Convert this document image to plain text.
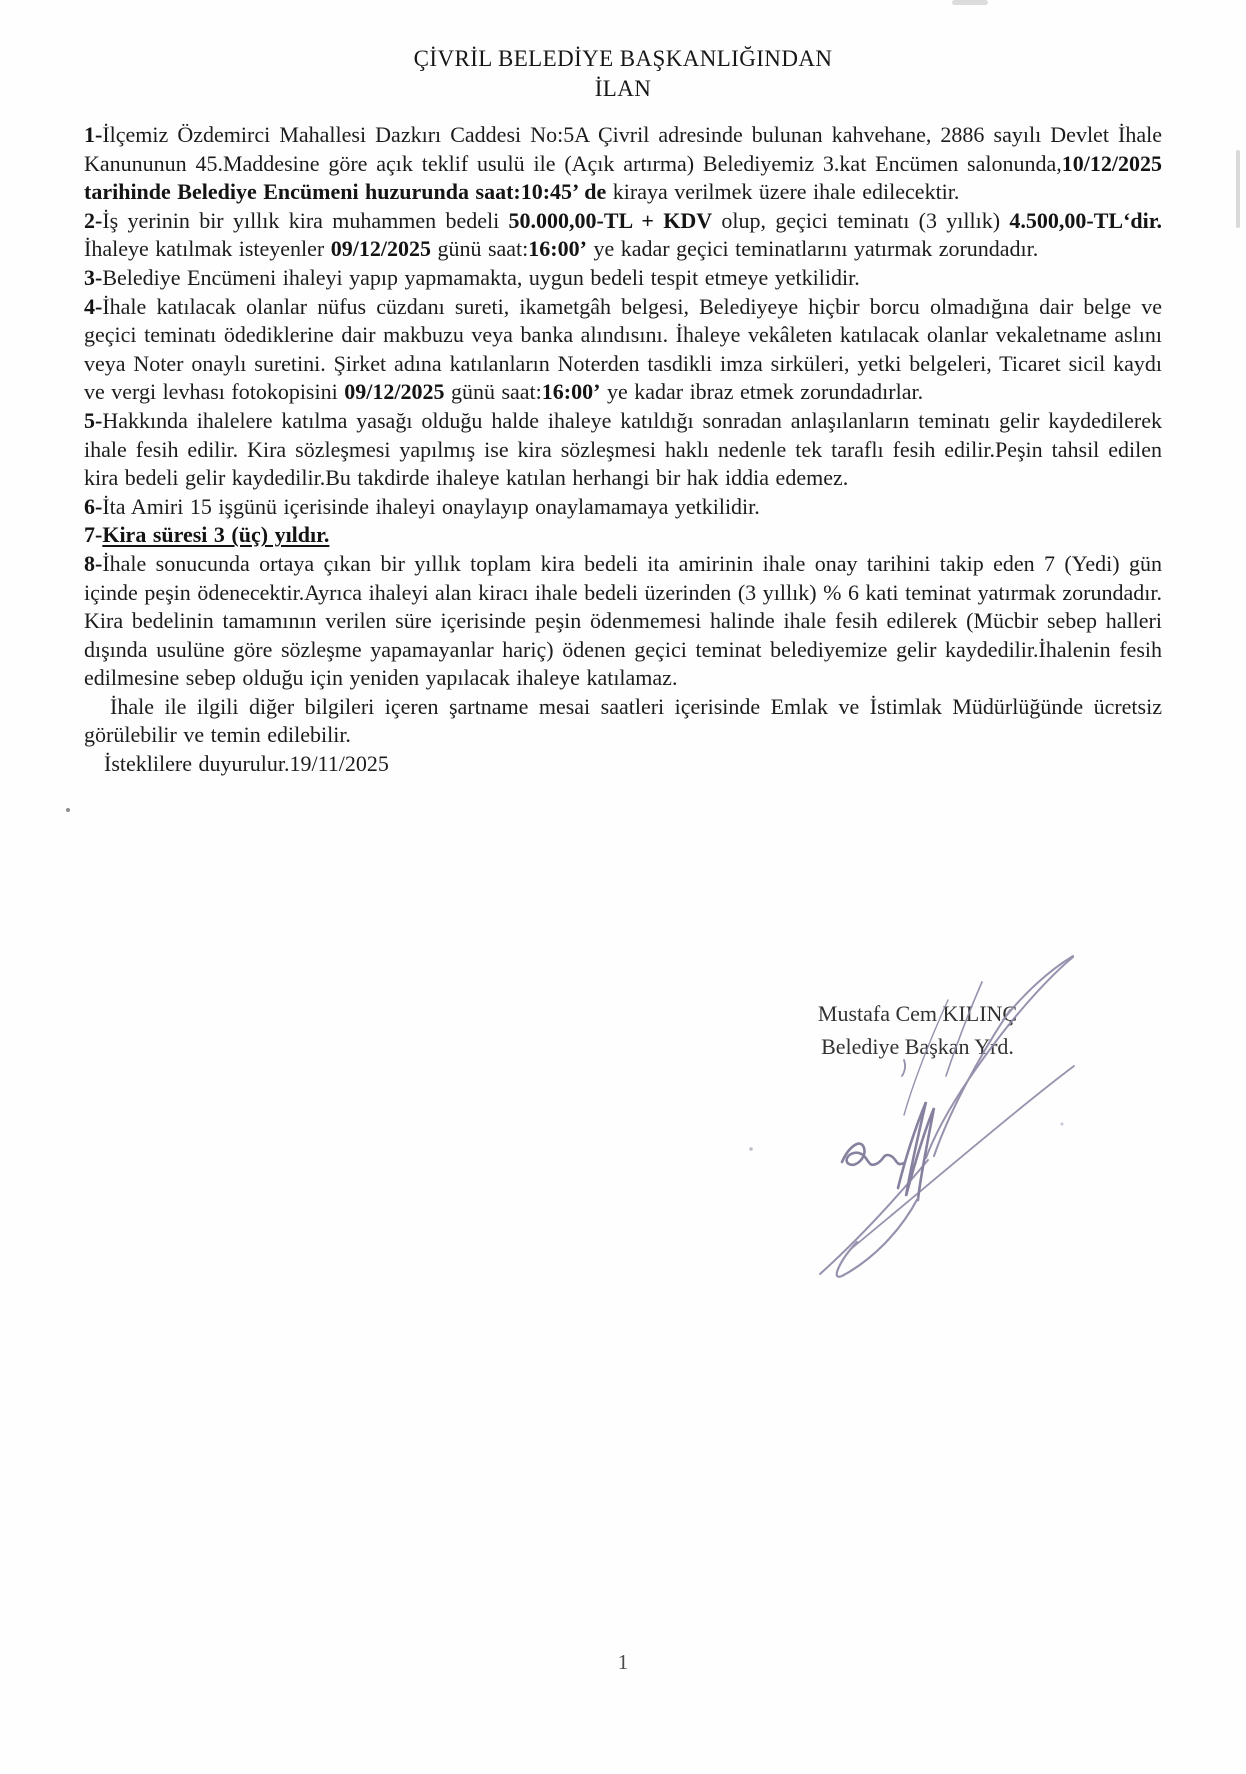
ÇİVRİL BELEDİYE BAŞKANLIĞINDAN
İLAN

1-İlçemiz Özdemirci Mahallesi Dazkırı Caddesi No:5A Çivril adresinde bulunan kahvehane, 2886 sayılı Devlet İhale Kanununun 45.Maddesine göre açık teklif usulü ile (Açık artırma) Belediyemiz 3.kat Encümen salonunda,10/12/2025 tarihinde Belediye Encümeni huzurunda saat:10:45’ de kiraya verilmek üzere ihale edilecektir.

2-İş yerinin bir yıllık kira muhammen bedeli 50.000,00-TL + KDV olup, geçici teminatı (3 yıllık) 4.500,00-TL‘dir. İhaleye katılmak isteyenler 09/12/2025 günü saat:16:00’ ye kadar geçici teminatlarını yatırmak zorundadır.

3-Belediye Encümeni ihaleyi yapıp yapmamakta, uygun bedeli tespit etmeye yetkilidir.

4-İhale katılacak olanlar nüfus cüzdanı sureti, ikametgâh belgesi, Belediyeye hiçbir borcu olmadığına dair belge ve geçici teminatı ödediklerine dair makbuzu veya banka alındısını. İhaleye vekâleten katılacak olanlar vekaletname aslını veya Noter onaylı suretini. Şirket adına katılanların Noterden tasdikli imza sirküleri, yetki belgeleri, Ticaret sicil kaydı ve vergi levhası fotokopisini 09/12/2025 günü saat:16:00’ ye kadar ibraz etmek zorundadırlar.

5-Hakkında ihalelere katılma yasağı olduğu halde ihaleye katıldığı sonradan anlaşılanların teminatı gelir kaydedilerek ihale fesih edilir. Kira sözleşmesi yapılmış ise kira sözleşmesi haklı nedenle tek taraflı fesih edilir.Peşin tahsil edilen kira bedeli gelir kaydedilir.Bu takdirde ihaleye katılan herhangi bir hak iddia edemez.

6-İta Amiri 15 işgünü içerisinde ihaleyi onaylayıp onaylamamaya yetkilidir.

7-Kira süresi 3 (üç) yıldır.

8-İhale sonucunda ortaya çıkan bir yıllık toplam kira bedeli ita amirinin ihale onay tarihini takip eden 7 (Yedi) gün içinde peşin ödenecektir.Ayrıca ihaleyi alan kiracı ihale bedeli üzerinden (3 yıllık) % 6 kati teminat yatırmak zorundadır. Kira bedelinin tamamının verilen süre içerisinde peşin ödenmemesi halinde ihale fesih edilerek (Mücbir sebep halleri dışında usulüne göre sözleşme yapamayanlar hariç) ödenen geçici teminat belediyemize gelir kaydedilir.İhalenin fesih edilmesine sebep olduğu için yeniden yapılacak ihaleye katılamaz.

İhale ile ilgili diğer bilgileri içeren şartname mesai saatleri içerisinde Emlak ve İstimlak Müdürlüğünde ücretsiz görülebilir ve temin edilebilir.

İsteklilere duyurulur.19/11/2025

Mustafa Cem KILINÇ
Belediye Başkan Yrd.
1
